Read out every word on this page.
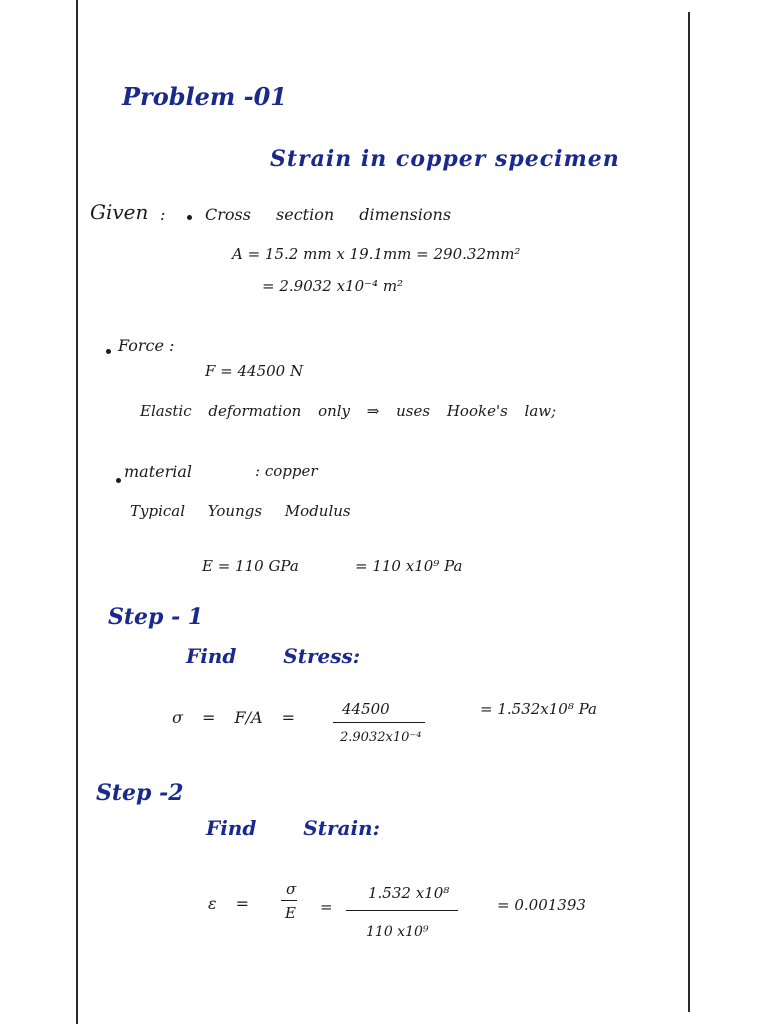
Problem -01
Strain in copper specimen
Given : Cross section dimensions
A = 15.2 mm x 19.1mm = 290.32mm²
= 2.9032 x10⁻⁴ m²
Force :
F = 44500 N
Elastic deformation only ⇒ uses Hooke's law;
material	: copper
Typical Youngs Modulus
E = 110 GPa	= 110 x10⁹ Pa
Step - 1
Find Stress:
σ = F/A =	44500
2.9032x10⁻⁴
= 1.532x10⁸ Pa
Step -2
Find Strain:
ε =
σ
E =
1.532 x10⁸
110 x10⁹
= 0.001393
